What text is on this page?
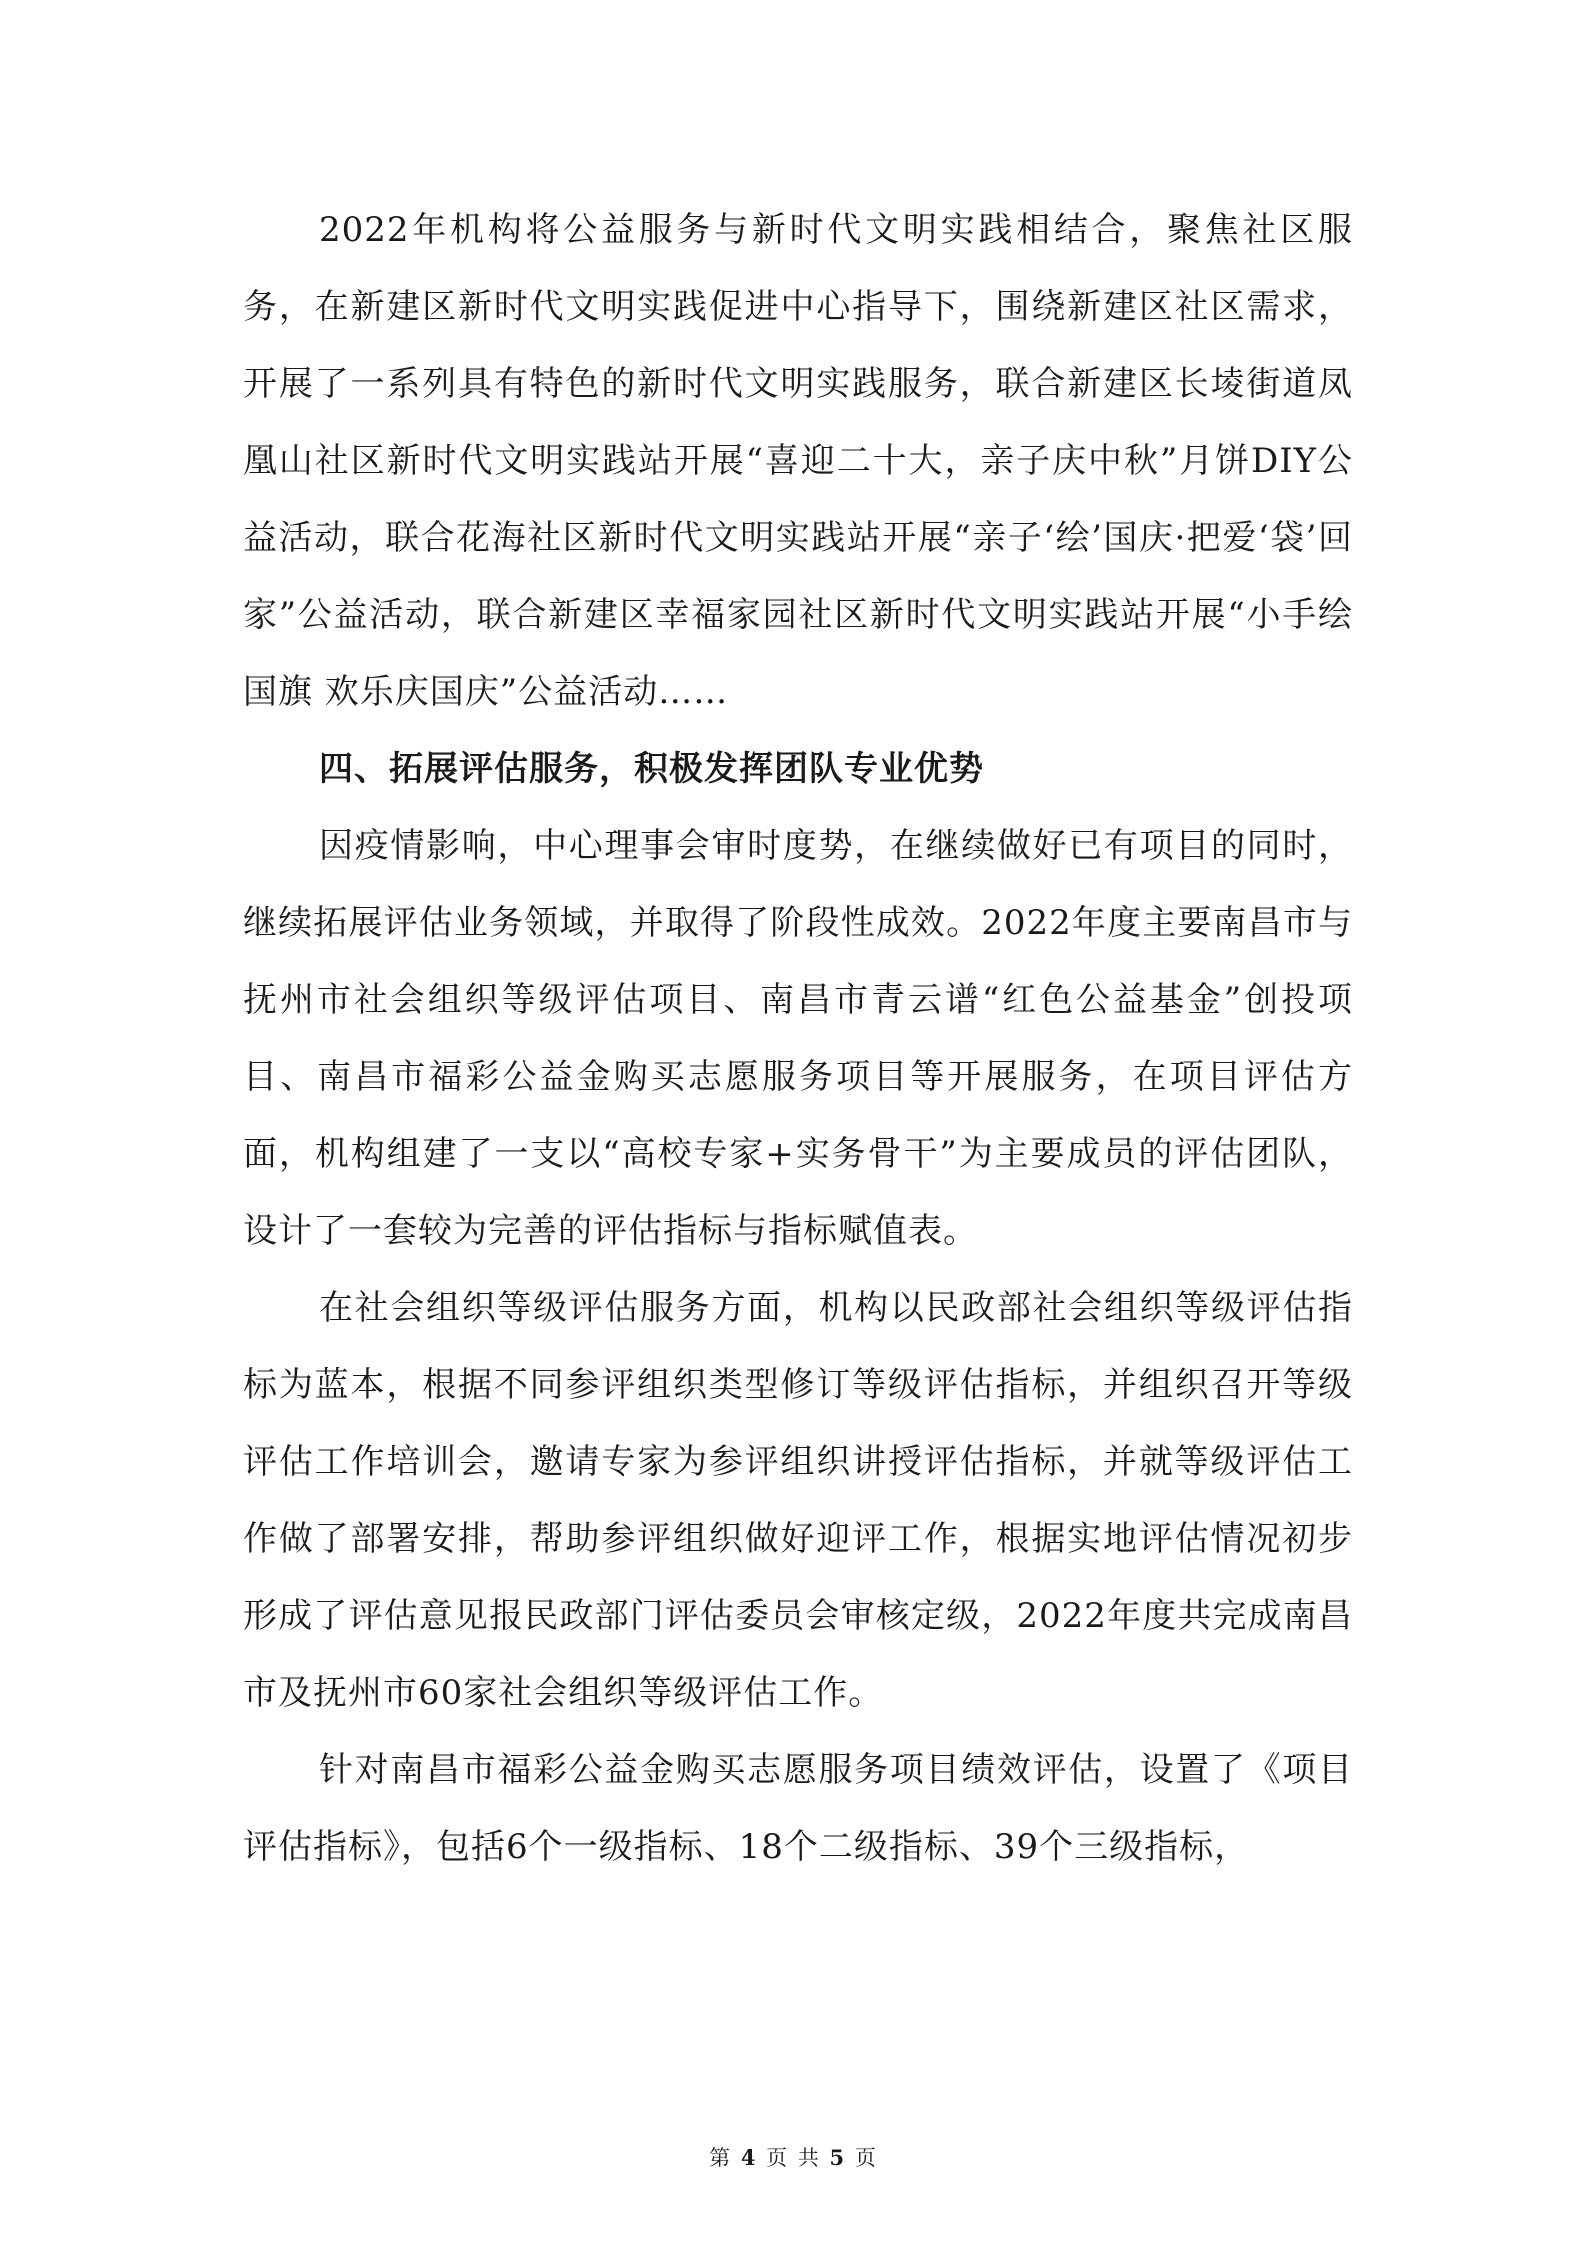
2022年机构将公益服务与新时代文明实践相结合，聚焦社区服务，在新建区新时代文明实践促进中心指导下，围绕新建区社区需求，开展了一系列具有特色的新时代文明实践服务，联合新建区长堎街道凤凰山社区新时代文明实践站开展“喜迎二十大，亲子庆中秋”月饼DIY公益活动，联合花海社区新时代文明实践站开展“亲子‘绘’国庆·把爱‘袋’回家”公益活动，联合新建区幸福家园社区新时代文明实践站开展“小手绘国旗 欢乐庆国庆”公益活动……

四、拓展评估服务，积极发挥团队专业优势

因疫情影响，中心理事会审时度势，在继续做好已有项目的同时，继续拓展评估业务领域，并取得了阶段性成效。2022年度主要南昌市与抚州市社会组织等级评估项目、南昌市青云谱“红色公益基金”创投项目、南昌市福彩公益金购买志愿服务项目等开展服务，在项目评估方面，机构组建了一支以“高校专家+实务骨干”为主要成员的评估团队，设计了一套较为完善的评估指标与指标赋值表。

在社会组织等级评估服务方面，机构以民政部社会组织等级评估指标为蓝本，根据不同参评组织类型修订等级评估指标，并组织召开等级评估工作培训会，邀请专家为参评组织讲授评估指标，并就等级评估工作做了部署安排，帮助参评组织做好迎评工作，根据实地评估情况初步形成了评估意见报民政部门评估委员会审核定级，2022年度共完成南昌市及抚州市60家社会组织等级评估工作。

针对南昌市福彩公益金购买志愿服务项目绩效评估，设置了《项目评估指标》，包括6个一级指标、18个二级指标、39个三级指标，

第 4 页 共 5 页
